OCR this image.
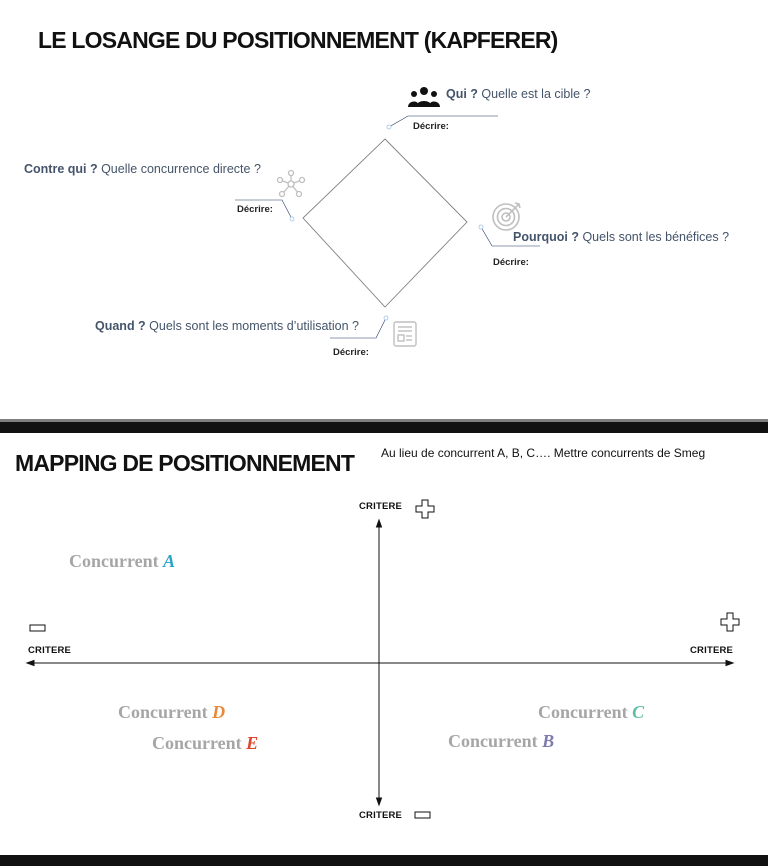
LE LOSANGE DU POSITIONNEMENT (KAPFERER)
Qui ? Quelle est la cible ?
Décrire:
Contre qui ? Quelle concurrence directe ?
Décrire:
Pourquoi ? Quels sont les bénéfices ?
Décrire:
Quand ? Quels sont les moments d’utilisation ?
Décrire:
MAPPING DE POSITIONNEMENT Au lieu de concurrent A, B, C…. Mettre concurrents de Smeg
CRITERE
CRITERE
CRITERE	CRITERE
Concurrent A
Concurrent B
Concurrent C
Concurrent D
Concurrent E
